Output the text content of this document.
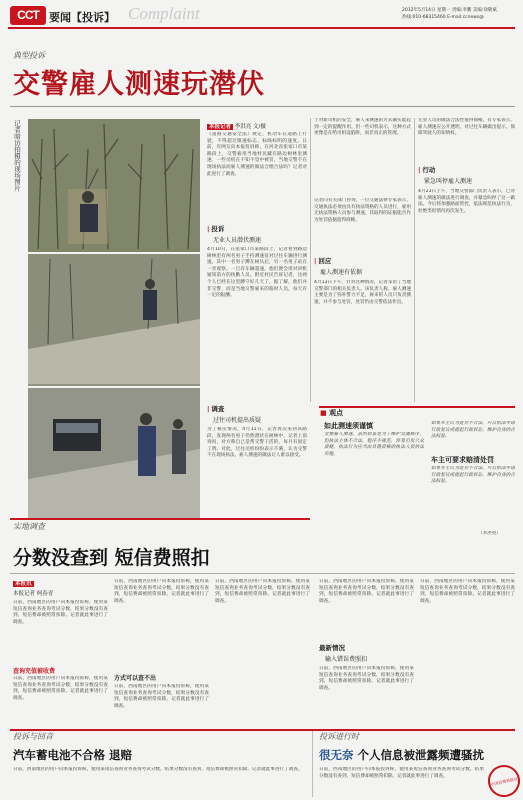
CCT 要闻【投诉】 Complaint	2012年5月14日 星期一 责编:李鹏 美编:徐敬斌
热线:010-68315460 E-mail:ccnews@
典型投诉
交警雇人测速玩潜伏
记者暗访拍摄的现场图片	本报记者 李洪亮 文/摄
《道路交通安全法》规定，机动车在道路上行驶，不得超过限速标志、标线标明的速度。日前，有网友向本报投诉称，在河北省张家口市某路段上，交警雇用当地村民藏在路边树林里测速，一些司机在不知不觉中被罚，当地交警不在现场执法而雇人测速的做法合理合法吗？记者对此进行了调查。
| 投诉
无业人员潜伏测速
4月10日，在张家口市某路段上，记者看到路边树林里有两名男子手持测速仪对过往车辆进行测速。其中一名男子蹲在树丛后，另一名男子站在一旁观察。一旦有车辆超速，他们便会用对讲机通知前方的执勤人员。附近村民告诉记者，这两个人已经在这里蹲守好几天了。据了解，他们并非交警，而是当地交警雇来的临时人员，每天有一定的报酬。
| 调查
过往司机提出质疑
为了核实情况，4月11日，记者再次来到该路段，发现两名男子仍然潜伏在树林中。记者上前询问，对方称自己是帮交警干活的，每月有固定工资。对此，过往司机纷纷表示不满，认为交警不在现场执法，雇人测速的做法让人难以接受。
于对新司机的安全，雇人来测速的方式确实能起到一定的提醒作用。但一些司机表示，这种方式更像是在给司机设陷阱，而非真正的管理。
记者向有关部门咨询，一位交通法律专家表示，交通执法必须由具有执法资格的人员进行，雇用无执法资格人员参与测速，其取得的证据能否作为处罚依据值得商榷。
| 回应
雇人测速有依据
4月13日下午，针对这种情况，记者采访了当地交警部门的相关负责人。该负责人称，雇人测速主要是为了弥补警力不足，雇来的人员只负责测速，并不参与处罚，处罚仍由交警依法作出。
无业人员的做法合法性值得商榷。有专家表示，雇人测速应公开透明，对过往车辆做出提示，保障驾驶人的知情权。
| 行动
紧急叫停雇人测速
4月23日上午，当地交警部门负责人表示，已对雇人测速的做法进行调查，并紧急叫停了这一做法。今后将加强路面管控，依法规范执法行为，杜绝类似情况再次发生。
■ 观点
如此测速须谨慎
交警雇人测速，虽然初衷是为了维护交通秩序，但执法主体不合法，程序不规范，容易引发公众质疑。执法行为应当由具备资格的执法人员依法实施。
如果车主认为处罚不合法，可以依法申请行政复议或提起行政诉讼，维护自身的合法权益。
车主可要求赔清处罚
如果车主认为处罚不合法，可以依法申请行政复议或提起行政诉讼，维护自身的合法权益。
（李洪亮）
实地调查
分数没查到 短信费照扣
本报讯
本报记者 柯春青
日前，西南地区的用户向本报投诉称，使用某短信查询业务查询考试分数，结果分数没有查到，短信费却被照常扣除。记者就此事进行了调查。
查询充值被收费
日前，西南地区的用户向本报投诉称，使用某短信查询业务查询考试分数，结果分数没有查到，短信费却被照常扣除。记者就此事进行了调查。
日前，西南地区的用户向本报投诉称，使用某短信查询业务查询考试分数，结果分数没有查到，短信费却被照常扣除。记者就此事进行了调查。
方式可以查不出
日前，西南地区的用户向本报投诉称，使用某短信查询业务查询考试分数，结果分数没有查到，短信费却被照常扣除。记者就此事进行了调查。
日前，西南地区的用户向本报投诉称，使用某短信查询业务查询考试分数，结果分数没有查到，短信费却被照常扣除。记者就此事进行了调查。
日前，西南地区的用户向本报投诉称，使用某短信查询业务查询考试分数，结果分数没有查到，短信费却被照常扣除。记者就此事进行了调查。
最新情况
输入错误费照扣
日前，西南地区的用户向本报投诉称，使用某短信查询业务查询考试分数，结果分数没有查到，短信费却被照常扣除。记者就此事进行了调查。
日前，西南地区的用户向本报投诉称，使用某短信查询业务查询考试分数，结果分数没有查到，短信费却被照常扣除。记者就此事进行了调查。
投诉与回音
汽车蓄电池不合格 退赔
日前，西南地区的用户向本报投诉称，使用某短信查询业务查询考试分数，结果分数没有查到，短信费却被照常扣除。记者就此事进行了调查。
投诉进行时
很无奈 个人信息被泄露频遭骚扰
日前，西南地区的用户向本报投诉称，使用某短信查询业务查询考试分数，结果分数没有查到，短信费却被照常扣除。记者就此事进行了调查。	中国消费者报社
